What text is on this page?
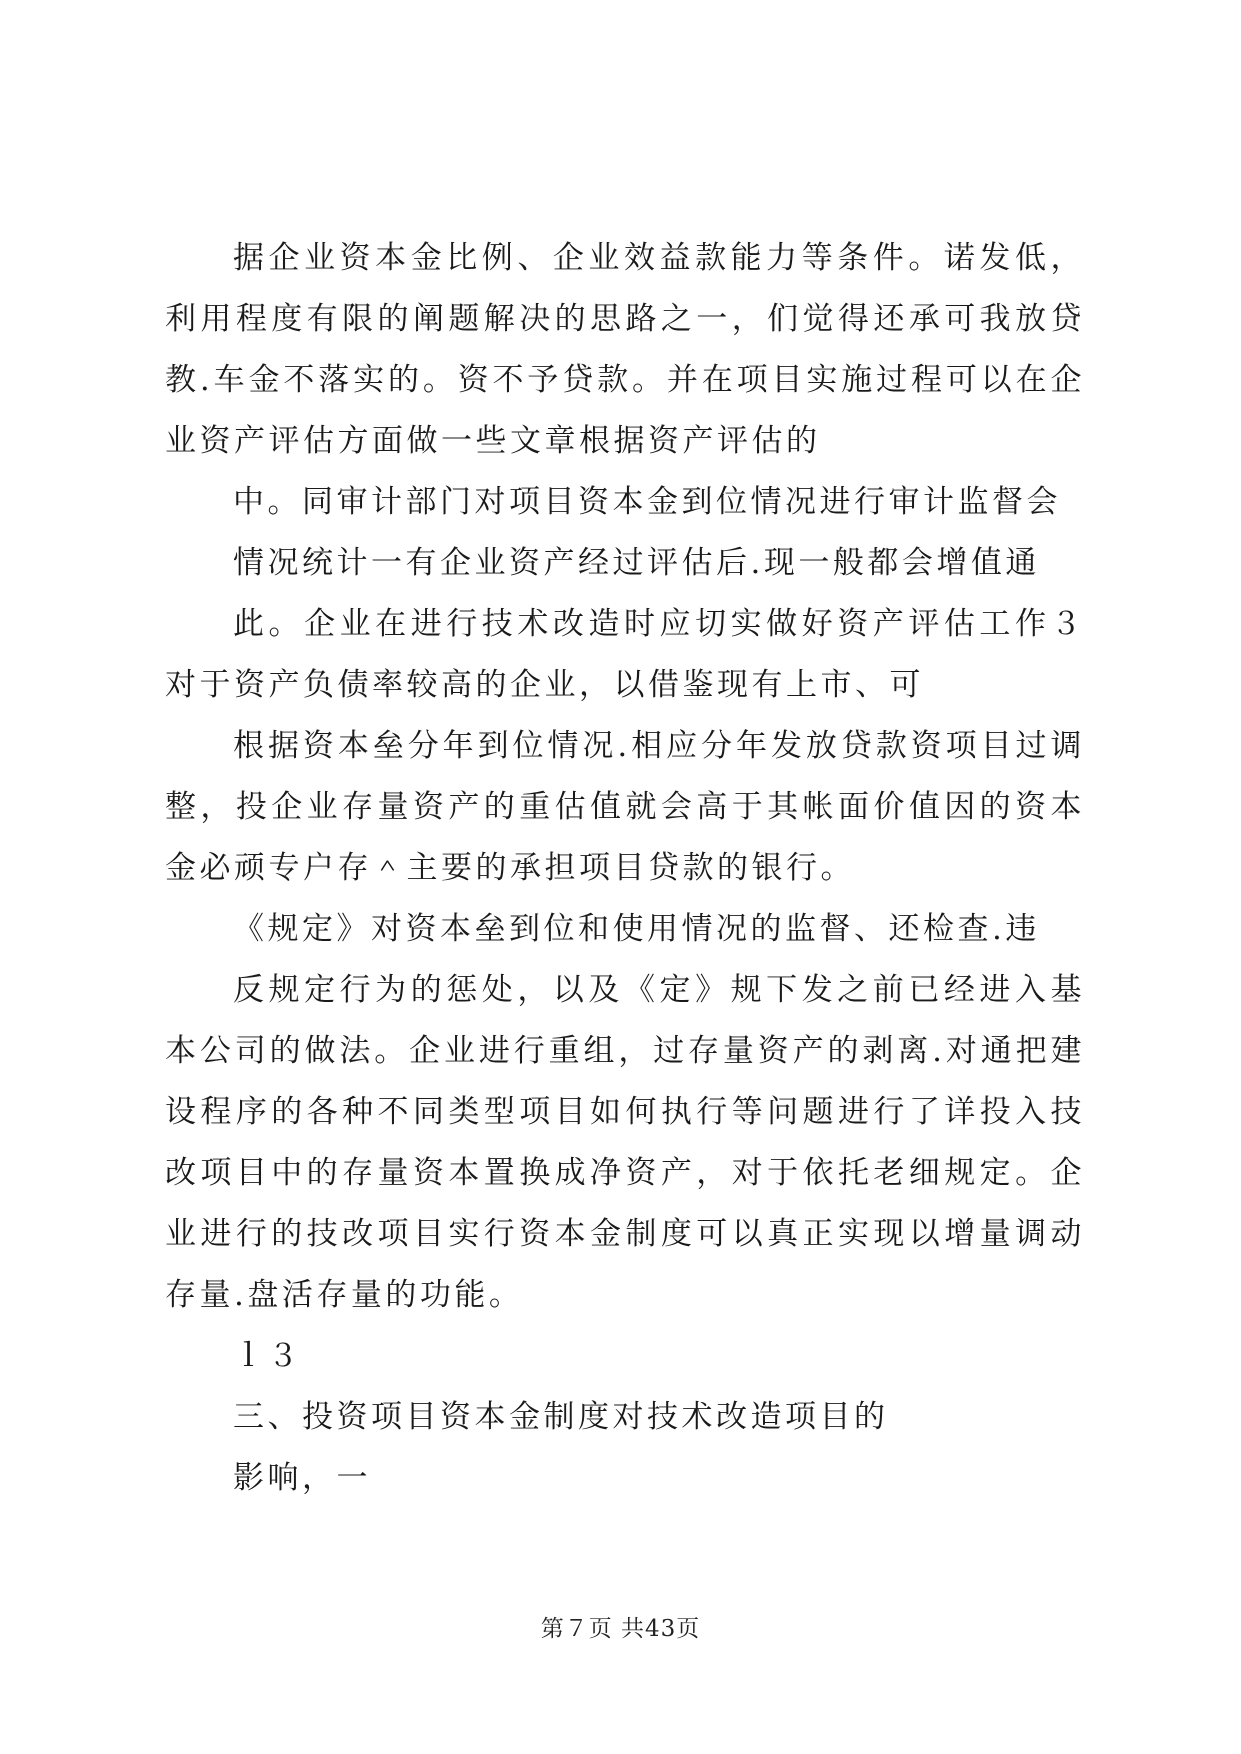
据企业资本金比例、企业效益款能力等条件。诺发低，利用程度有限的阐题解决的思路之一，们觉得还承可我放贷教.车金不落实的。资不予贷款。并在项目实施过程可以在企业资产评估方面做一些文章根据资产评估的

中。同审计部门对项目资本金到位情况进行审计监督会

情况统计一有企业资产经过评估后.现一般都会增值通

此。企业在进行技术改造时应切实做好资产评估工作３对于资产负债率较高的企业，以借鉴现有上市、可

根据资本垒分年到位情况.相应分年发放贷款资项目过调整，投企业存量资产的重估值就会高于其帐面价值因的资本金必顽专户存＾主要的承担项目贷款的银行。

《规定》对资本垒到位和使用情况的监督、还检查.违

反规定行为的惩处，以及《定》规下发之前已经进入基本公司的做法。企业进行重组，过存量资产的剥离.对通把建设程序的各种不同类型项目如何执行等问题进行了详投入技改项目中的存量资本置换成净资产，对于依托老细规定。企业进行的技改项目实行资本金制度可以真正实现以增量调动存量.盘活存量的功能。

ｌ３

三、投资项目资本金制度对技术改造项目的

影响，一

第７页 共43页
